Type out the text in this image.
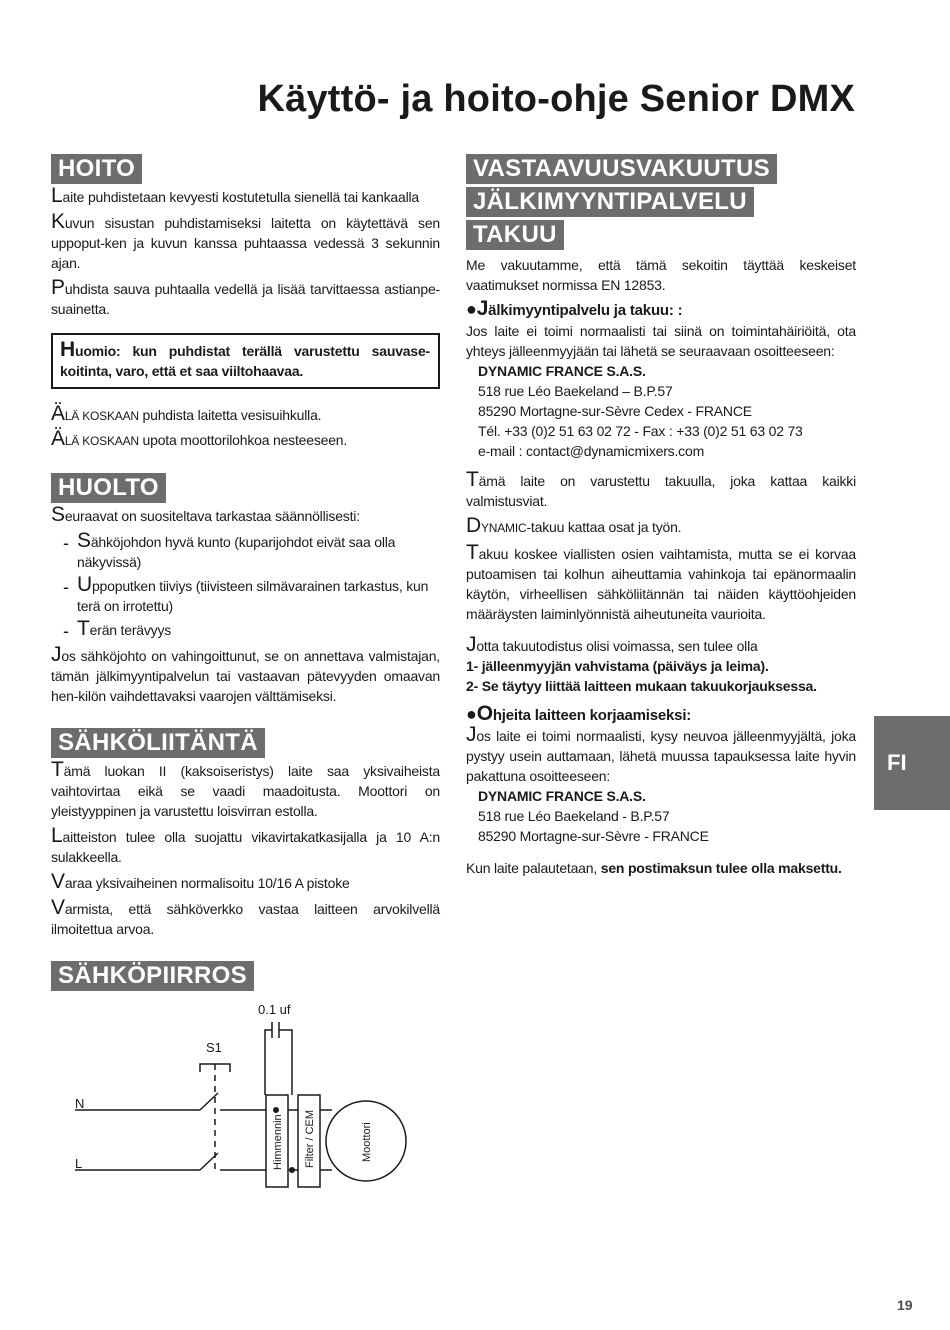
Käyttö- ja hoito-ohje Senior DMX
HOITO

Laite puhdistetaan kevyesti kostutetulla sienellä tai kankaalla

Kuvun sisustan puhdistamiseksi laitetta on käytettävä sen uppoput-ken ja kuvun kanssa puhtaassa vedessä 3 sekunnin ajan.

Puhdista sauva puhtaalla vedellä ja lisää tarvittaessa astianpe-suainetta.

Huomio: kun puhdistat terällä varustettu sauvase-koitinta, varo, että et saa viiltohaavaa.

ÄLÄ KOSKAAN puhdista laitetta vesisuihkulla.

ÄLÄ KOSKAAN upota moottorilohkoa nesteeseen.

HUOLTO

Seuraavat on suositeltava tarkastaa säännöllisesti:

- Sähköjohdon hyvä kunto (kuparijohdot eivät saa olla näkyvissä)
- Uppoputken tiiviys (tiivisteen silmävarainen tarkastus, kun terä on irrotettu)
- Terän terävyys

Jos sähköjohto on vahingoittunut, se on annettava valmistajan, tämän jälkimyyntipalvelun tai vastaavan pätevyyden omaavan hen-kilön vaihdettavaksi vaarojen välttämiseksi.

SÄHKÖLIITÄNTÄ

Tämä luokan II (kaksoiseristys) laite saa yksivaiheista vaihtovirtaa eikä se vaadi maadoitusta. Moottori on yleistyyppinen ja varustettu loisvirran estolla.

Laitteiston tulee olla suojattu vikavirtakatkasijalla ja 10 A:n sulakkeella.

Varaa yksivaiheinen normalisoitu 10/16 A pistoke

Varmista, että sähköverkko vastaa laitteen arvokilvellä ilmoitettua arvoa.

SÄHKÖPIIRROS
N
L
S1
0.1 uf
Himmennin Filter / CEM	Moottori
VASTAAVUUSVAKUUTUS
JÄLKIMYYNTIPALVELU
TAKUU

Me vakuutamme, että tämä sekoitin täyttää keskeiset vaatimukset normissa EN 12853.

●Jälkimyyntipalvelu ja takuu: :

Jos laite ei toimi normaalisti tai siinä on toimintahäiriöitä, ota yhteys jälleenmyyjään tai lähetä se seuraavaan osoitteeseen:

DYNAMIC FRANCE S.A.S.
518 rue Léo Baekeland – B.P.57
85290 Mortagne-sur-Sèvre Cedex - FRANCE
Tél. +33 (0)2 51 63 02 72 - Fax : +33 (0)2 51 63 02 73
e-mail : contact@dynamicmixers.com

Tämä laite on varustettu takuulla, joka kattaa kaikki valmistusviat.

DYNAMIC-takuu kattaa osat ja työn.

Takuu koskee viallisten osien vaihtamista, mutta se ei korvaa putoamisen tai kolhun aiheuttamia vahinkoja tai epänormaalin käytön, virheellisen sähköliitännän tai näiden käyttöohjeiden määräysten laiminlyönnistä aiheutuneita vaurioita.

Jotta takuutodistus olisi voimassa, sen tulee olla

1- jälleenmyyjän vahvistama (päiväys ja leima).
2- Se täytyy liittää laitteen mukaan takuukorjauksessa.
●Ohjeita laitteen korjaamiseksi:

Jos laite ei toimi normaalisti, kysy neuvoa jälleenmyyjältä, joka pystyy usein auttamaan, lähetä muussa tapauksessa laite hyvin pakattuna osoitteeseen:

DYNAMIC FRANCE S.A.S.
518 rue Léo Baekeland - B.P.57
85290 Mortagne-sur-Sèvre - FRANCE

Kun laite palautetaan, sen postimaksun tulee olla maksettu.

FI
19
